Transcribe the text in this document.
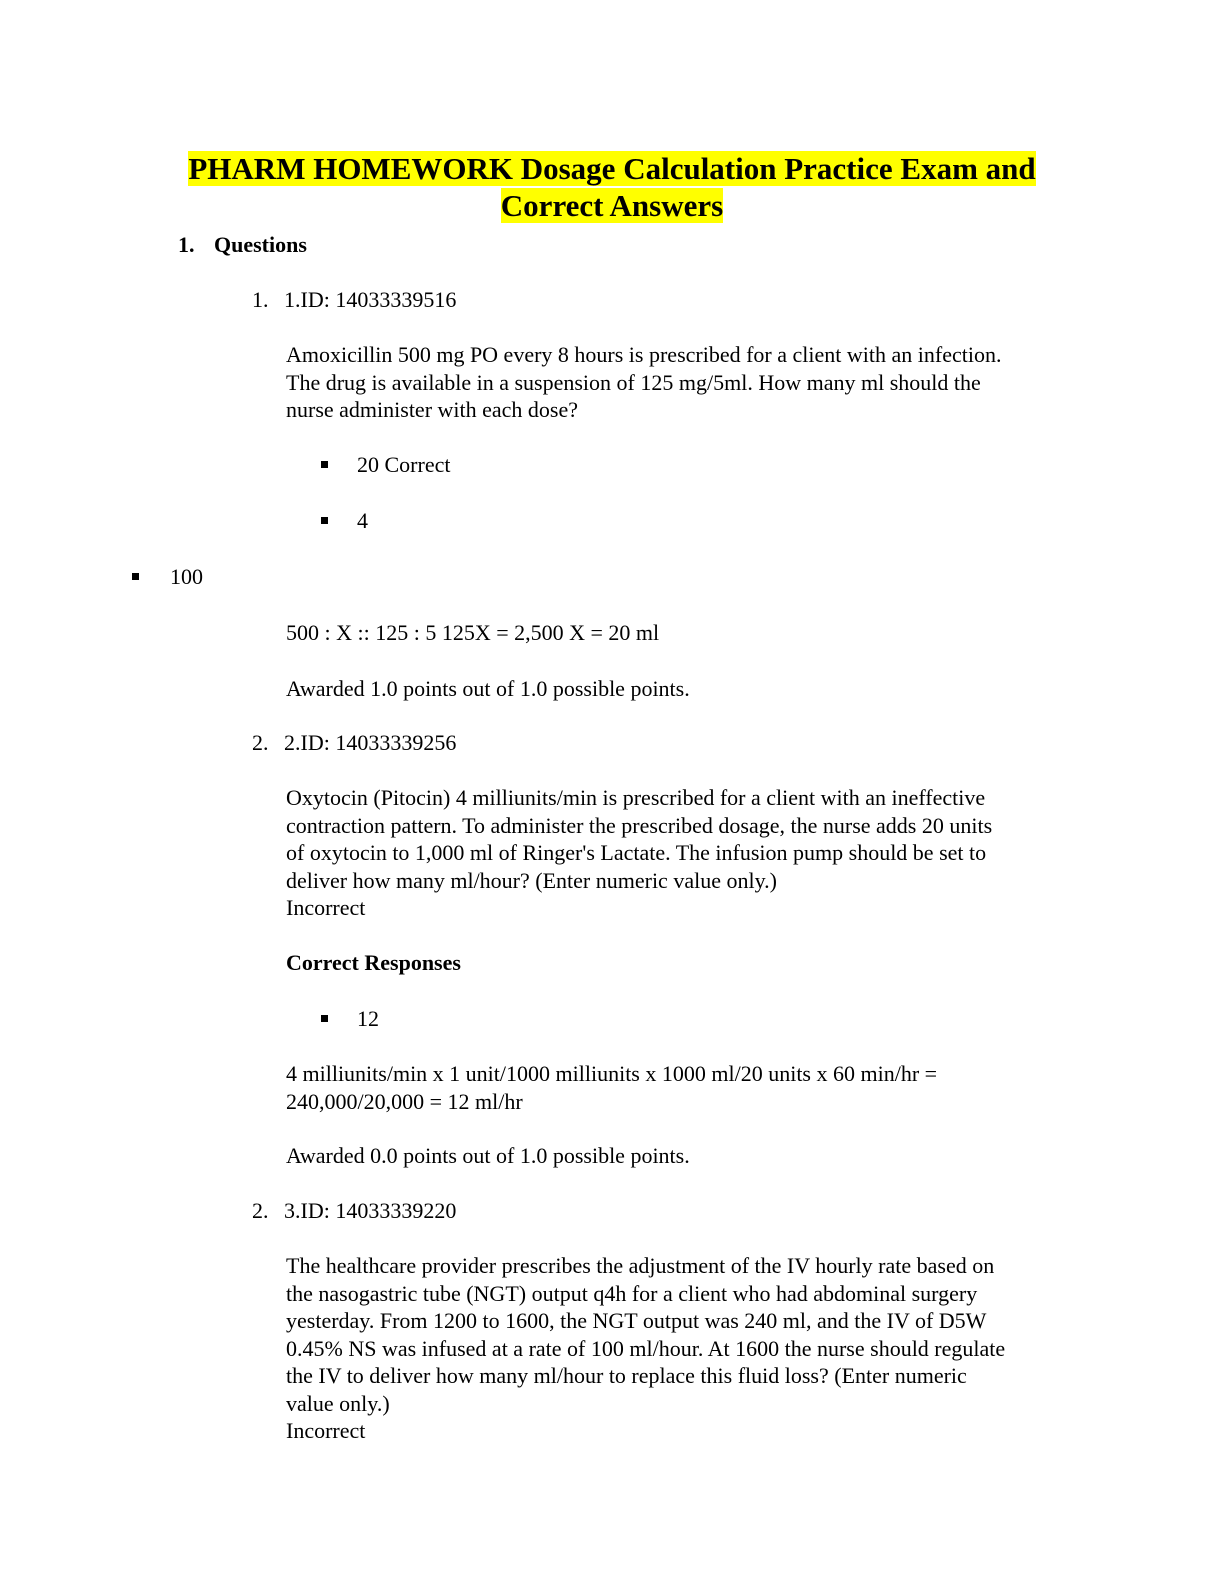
PHARM HOMEWORK Dosage Calculation Practice Exam and
Correct Answers

1. Questions

1. 1.ID: 14033339516

Amoxicillin 500 mg PO every 8 hours is prescribed for a client with an infection.
The drug is available in a suspension of 125 mg/5ml. How many ml should the
nurse administer with each dose?

20 Correct

4

100

500 : X :: 125 : 5 125X = 2,500 X = 20 ml

Awarded 1.0 points out of 1.0 possible points.

2. 2.ID: 14033339256

Oxytocin (Pitocin) 4 milliunits/min is prescribed for a client with an ineffective
contraction pattern. To administer the prescribed dosage, the nurse adds 20 units
of oxytocin to 1,000 ml of Ringer's Lactate. The infusion pump should be set to
deliver how many ml/hour? (Enter numeric value only.)
Incorrect

Correct Responses

12

4 milliunits/min x 1 unit/1000 milliunits x 1000 ml/20 units x 60 min/hr =
240,000/20,000 = 12 ml/hr

Awarded 0.0 points out of 1.0 possible points.

2. 3.ID: 14033339220

The healthcare provider prescribes the adjustment of the IV hourly rate based on
the nasogastric tube (NGT) output q4h for a client who had abdominal surgery
yesterday. From 1200 to 1600, the NGT output was 240 ml, and the IV of D5W
0.45% NS was infused at a rate of 100 ml/hour. At 1600 the nurse should regulate
the IV to deliver how many ml/hour to replace this fluid loss? (Enter numeric
value only.)
Incorrect
